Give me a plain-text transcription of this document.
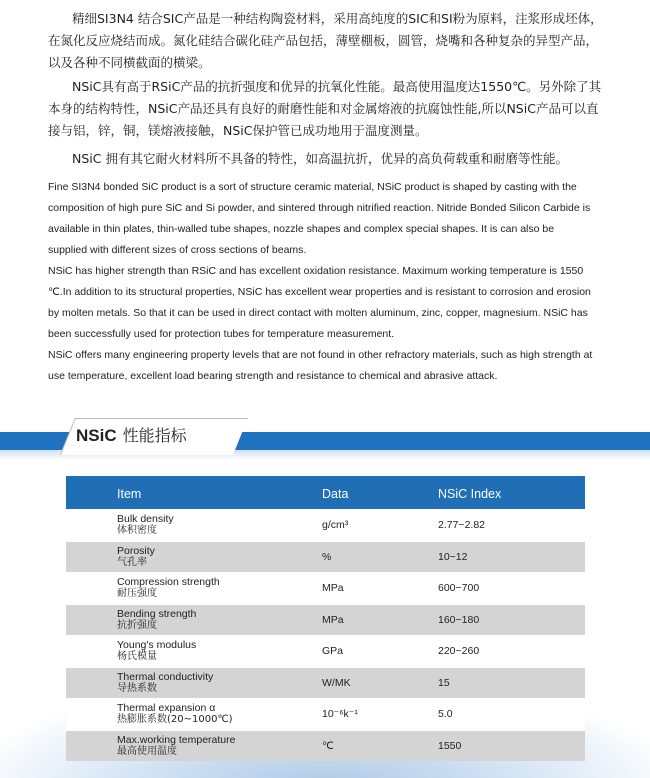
精细SI3N4 结合SIC产品是一种结构陶瓷材料，采用高纯度的SIC和SI粉为原料，注浆形成坯体，在氮化反应烧结而成。氮化硅结合碳化硅产品包括，薄壁棚板，圆管，烧嘴和各种复杂的异型产品，以及各种不同横截面的横梁。

NSiC具有高于RSiC产品的抗折强度和优异的抗氧化性能。最高使用温度达1550℃。另外除了其本身的结构特性，NSiC产品还具有良好的耐磨性能和对金属熔液的抗腐蚀性能,所以NSiC产品可以直接与铝，锌，铜，镁熔液接触，NSiC保护管已成功地用于温度测量。

NSiC 拥有其它耐火材料所不具备的特性，如高温抗折，优异的高负荷载重和耐磨等性能。

Fine SI3N4 bonded SiC product is a sort of structure ceramic material, NSiC product is shaped by casting with the composition of high pure SiC and Si powder, and sintered through nitrified reaction. Nitride Bonded Silicon Carbide is available in thin plates, thin-walled tube shapes, nozzle shapes and complex special shapes. It is can also be supplied with different sizes of cross sections of beams.

NSiC has higher strength than RSiC and has excellent oxidation resistance. Maximum working temperature is 1550 ℃.In addition to its structural properties, NSiC has excellent wear properties and is resistant to corrosion and erosion by molten metals. So that it can be used in direct contact with molten aluminum, zinc, copper, magnesium. NSiC has been successfully used for protection tubes for temperature measurement.

NSiC offers many engineering property levels that are not found in other refractory materials, such as high strength at use temperature, excellent load bearing strength and resistance to chemical and abrasive attack.

NSiC 性能指标
Item	Data	NSiC Index
Bulk density
体积密度	g/cm³	2.77~2.82
Porosity
气孔率	%	10~12
Compression strength
耐压强度	MPa	600~700
Bending strength
抗折强度	MPa	160~180
Young's modulus
杨氏模量	GPa	220~260
Thermal conductivity
导热系数	W/MK	15
Thermal expansion α
热膨胀系数(20~1000℃)	10⁻⁶k⁻¹	5.0
Max.working temperature
最高使用温度	℃	1550
